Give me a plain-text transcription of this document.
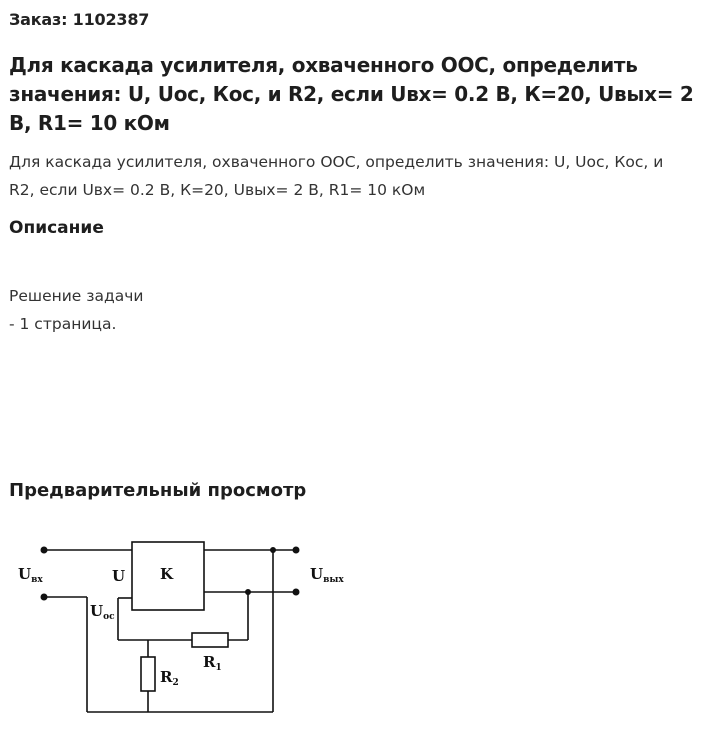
Заказ: 1102387
Для каскада усилителя, охваченного ООС, определить значения: U, Uoc, Кос, и R2, если Uвх= 0.2 В, К=20, Uвых= 2 В, R1= 10 кОм
Для каскада усилителя, охваченного ООС, определить значения: U, Uoc, Кос, и R2, если Uвх= 0.2 В, К=20, Uвых= 2 В, R1= 10 кОм
Описание
Решение задачи
- 1 страница.
Предварительный просмотр
K
U
$U_{вх}$	$U_{вых}$
$U_{ос}$
$R_1$
$R_2$
